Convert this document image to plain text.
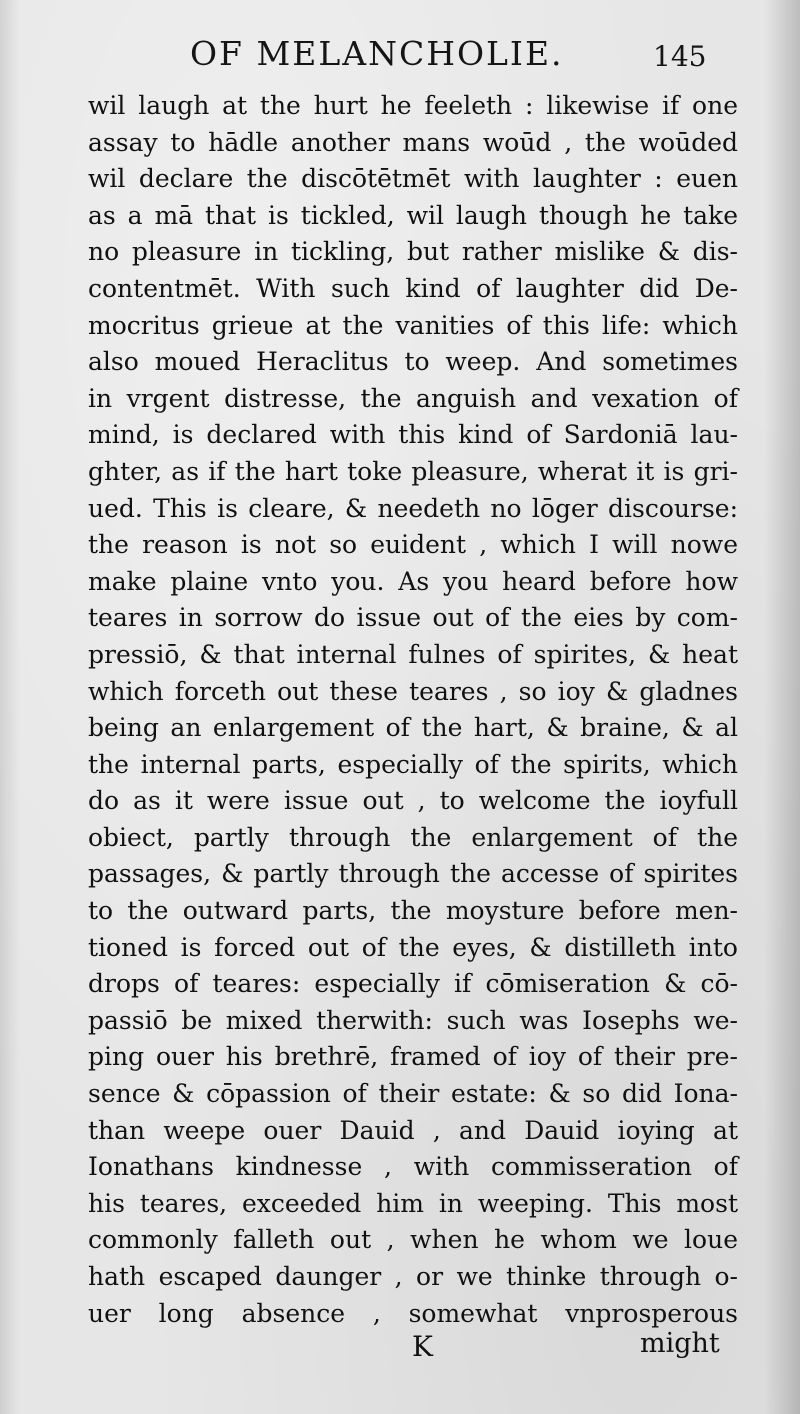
OF MELANCHOLIE.	145
wil laugh at the hurt he feeleth : likewise if one
assay to hādle another mans woūd , the woūded
wil declare the discōtētmēt with laughter : euen
as a mā that is tickled, wil laugh though he take
no pleasure in tickling, but rather mislike & dis-
contentmēt. With such kind of laughter did De-
mocritus grieue at the vanities of this life: which
also moued Heraclitus to weep. And sometimes
in vrgent distresse, the anguish and vexation of
mind, is declared with this kind of Sardoniā lau-
ghter, as if the hart toke pleasure, wherat it is gri-
ued. This is cleare, & needeth no lōger discourse:
the reason is not so euident , which I will nowe
make plaine vnto you. As you heard before how
teares in sorrow do issue out of the eies by com-
pressiō, & that internal fulnes of spirites, & heat
which forceth out these teares , so ioy & gladnes
being an enlargement of the hart, & braine, & al
the internal parts, especially of the spirits, which
do as it were issue out , to welcome the ioyfull
obiect, partly through the enlargement of the
passages, & partly through the accesse of spirites
to the outward parts, the moysture before men-
tioned is forced out of the eyes, & distilleth into
drops of teares: especially if cōmiseration & cō-
passiō be mixed therwith: such was Iosephs we-
ping ouer his brethrē, framed of ioy of their pre-
sence & cōpassion of their estate: & so did Iona-
than weepe ouer Dauid , and Dauid ioying at
Ionathans kindnesse , with commisseration of
his teares, exceeded him in weeping. This most
commonly falleth out , when he whom we loue
hath escaped daunger , or we thinke through o-
uer long absence , somewhat vnprosperous
K	might
